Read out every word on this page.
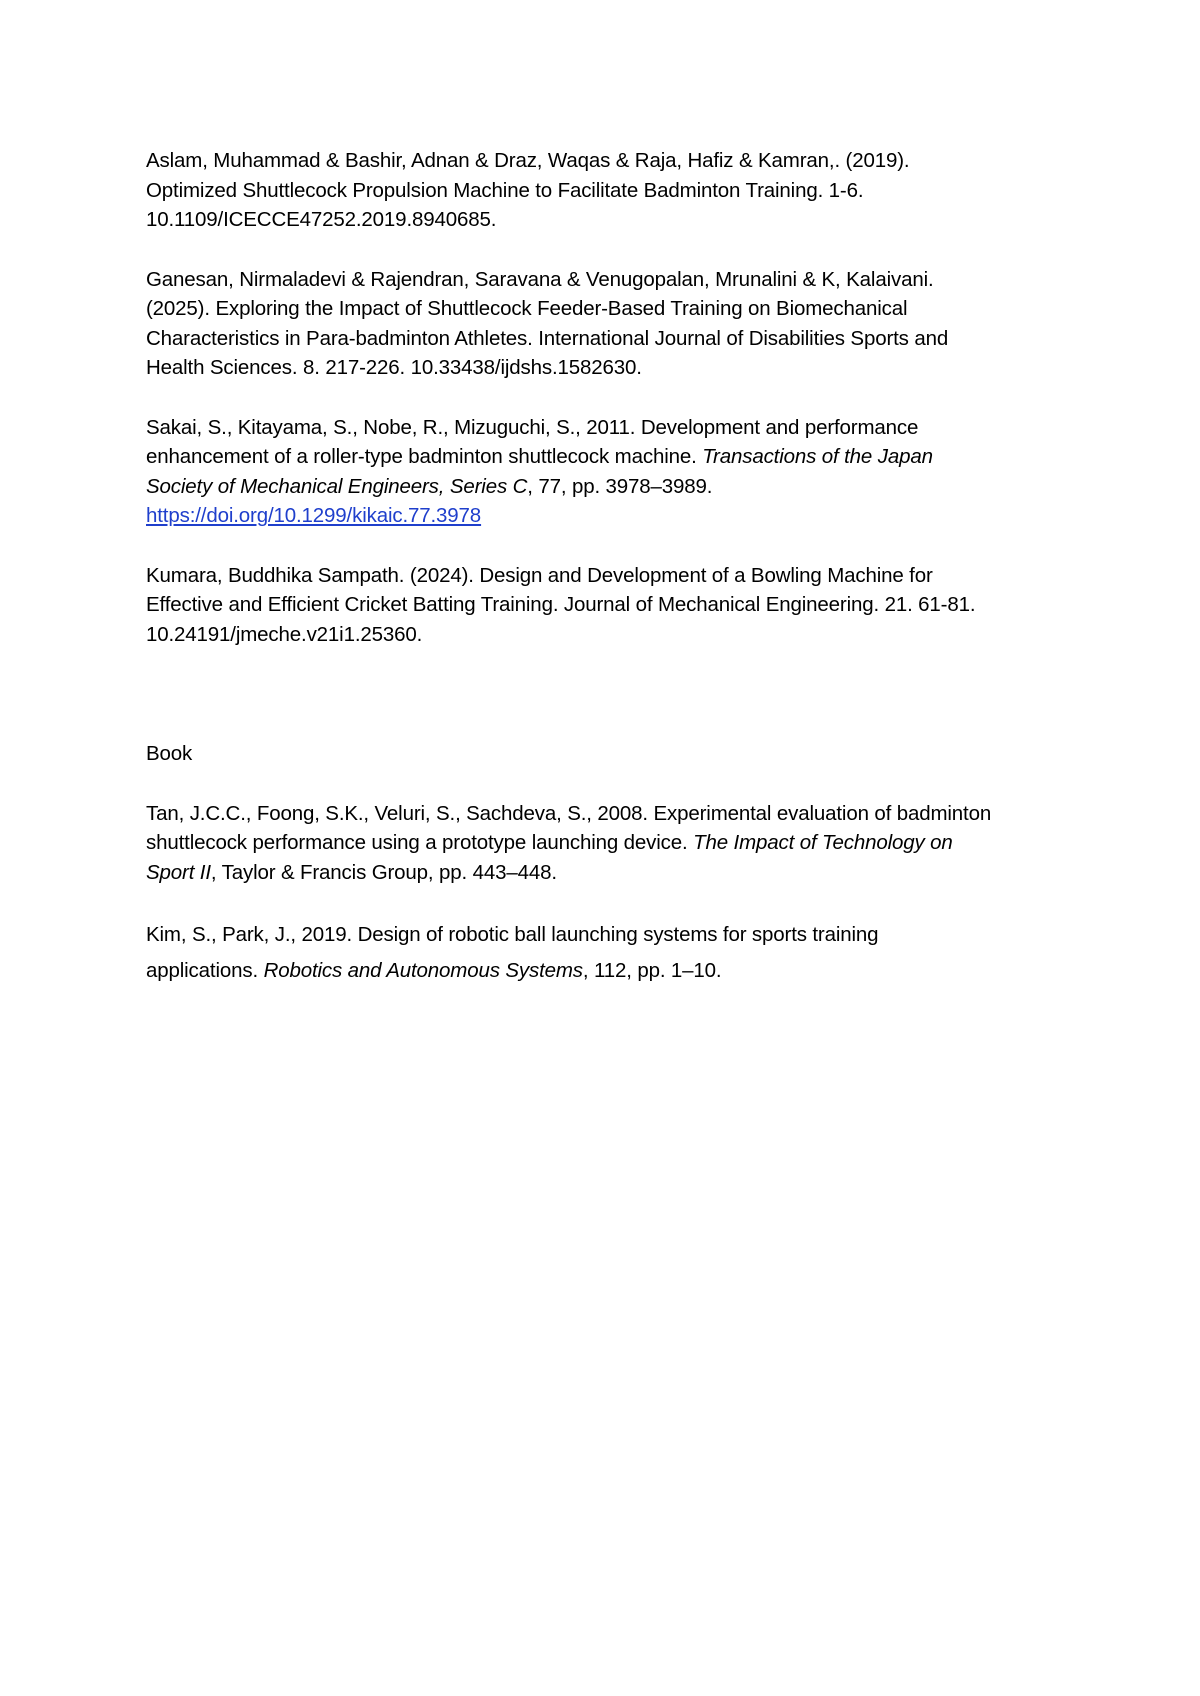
Aslam, Muhammad & Bashir, Adnan & Draz, Waqas & Raja, Hafiz & Kamran,. (2019).
Optimized Shuttlecock Propulsion Machine to Facilitate Badminton Training. 1-6.
10.1109/ICECCE47252.2019.8940685.

Ganesan, Nirmaladevi & Rajendran, Saravana & Venugopalan, Mrunalini & K, Kalaivani.
(2025). Exploring the Impact of Shuttlecock Feeder-Based Training on Biomechanical
Characteristics in Para-badminton Athletes. International Journal of Disabilities Sports and
Health Sciences. 8. 217-226. 10.33438/ijdshs.1582630.

Sakai, S., Kitayama, S., Nobe, R., Mizuguchi, S., 2011. Development and performance
enhancement of a roller-type badminton shuttlecock machine. Transactions of the Japan
Society of Mechanical Engineers, Series C, 77, pp. 3978–3989.
https://doi.org/10.1299/kikaic.77.3978

Kumara, Buddhika Sampath. (2024). Design and Development of a Bowling Machine for
Effective and Efficient Cricket Batting Training. Journal of Mechanical Engineering. 21. 61-81.
10.24191/jmeche.v21i1.25360.

Book

Tan, J.C.C., Foong, S.K., Veluri, S., Sachdeva, S., 2008. Experimental evaluation of badminton
shuttlecock performance using a prototype launching device. The Impact of Technology on
Sport II, Taylor & Francis Group, pp. 443–448.

Kim, S., Park, J., 2019. Design of robotic ball launching systems for sports training
applications. Robotics and Autonomous Systems, 112, pp. 1–10.
